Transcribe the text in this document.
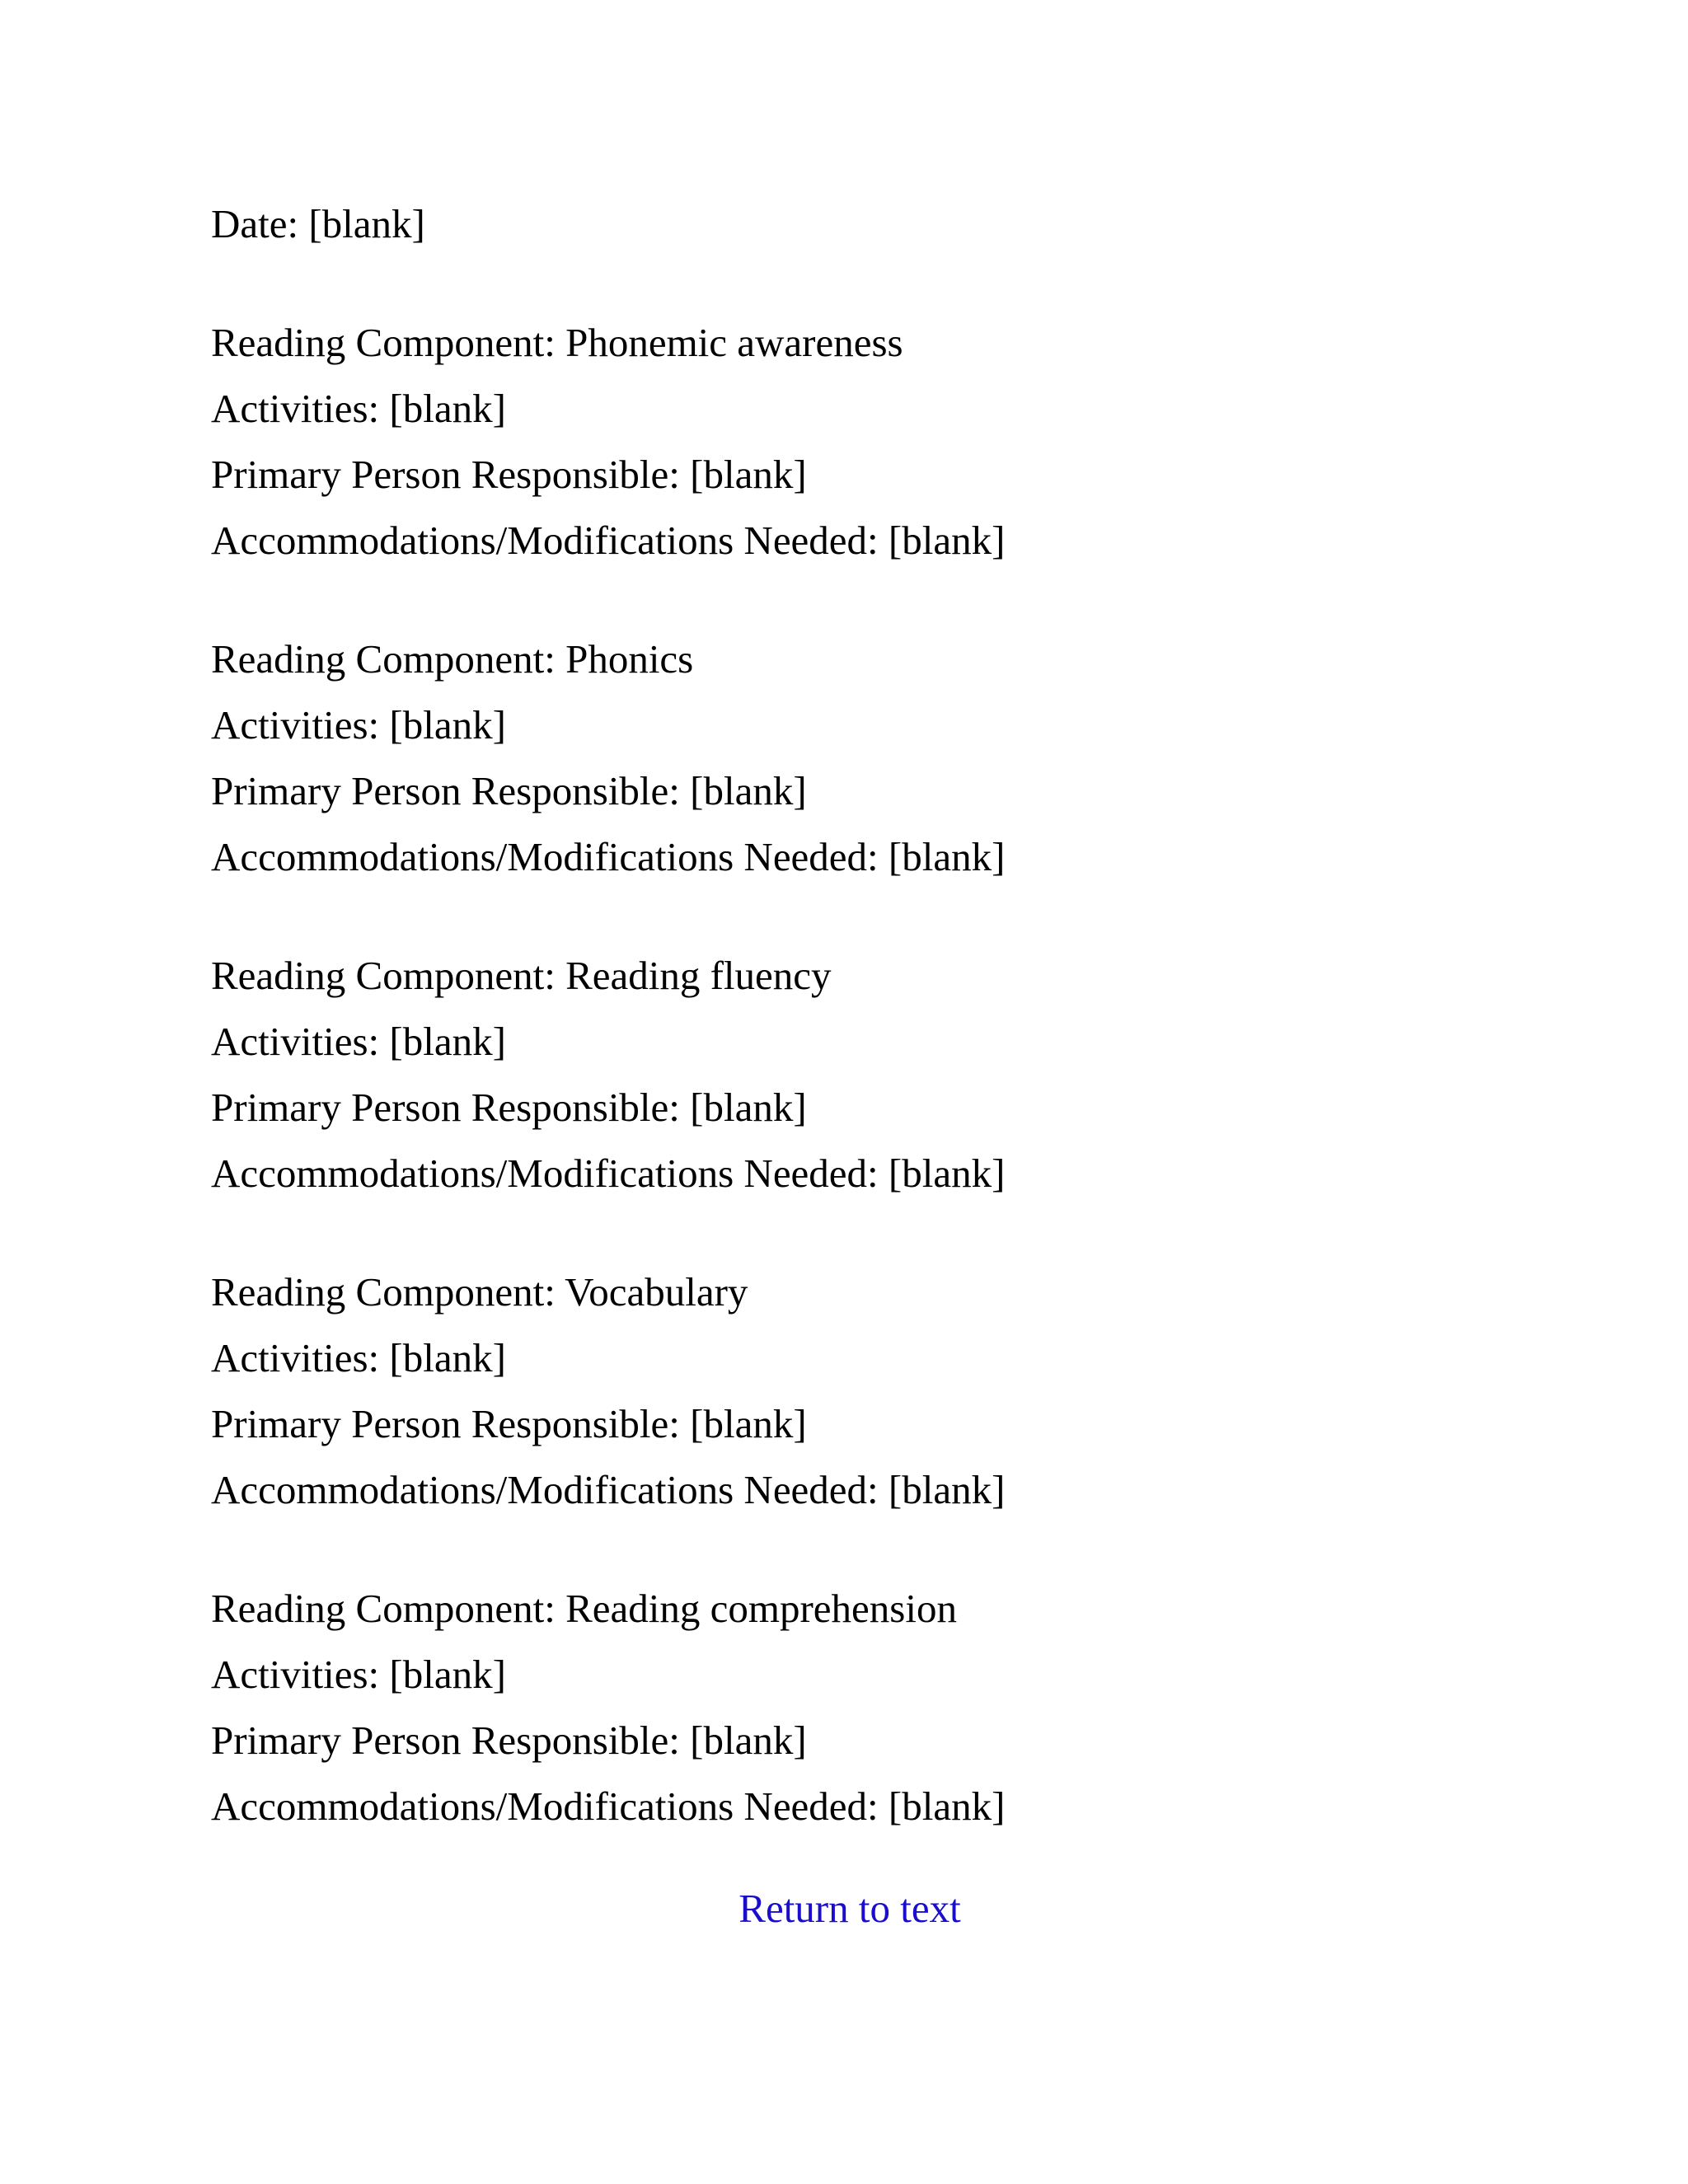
Date: [blank]
Reading Component: Phonemic awareness
Activities: [blank]
Primary Person Responsible: [blank]
Accommodations/Modifications Needed: [blank]
Reading Component: Phonics
Activities: [blank]
Primary Person Responsible: [blank]
Accommodations/Modifications Needed: [blank]
Reading Component: Reading fluency
Activities: [blank]
Primary Person Responsible: [blank]
Accommodations/Modifications Needed: [blank]
Reading Component: Vocabulary
Activities: [blank]
Primary Person Responsible: [blank]
Accommodations/Modifications Needed: [blank]
Reading Component: Reading comprehension
Activities: [blank]
Primary Person Responsible: [blank]
Accommodations/Modifications Needed: [blank]
Return to text
